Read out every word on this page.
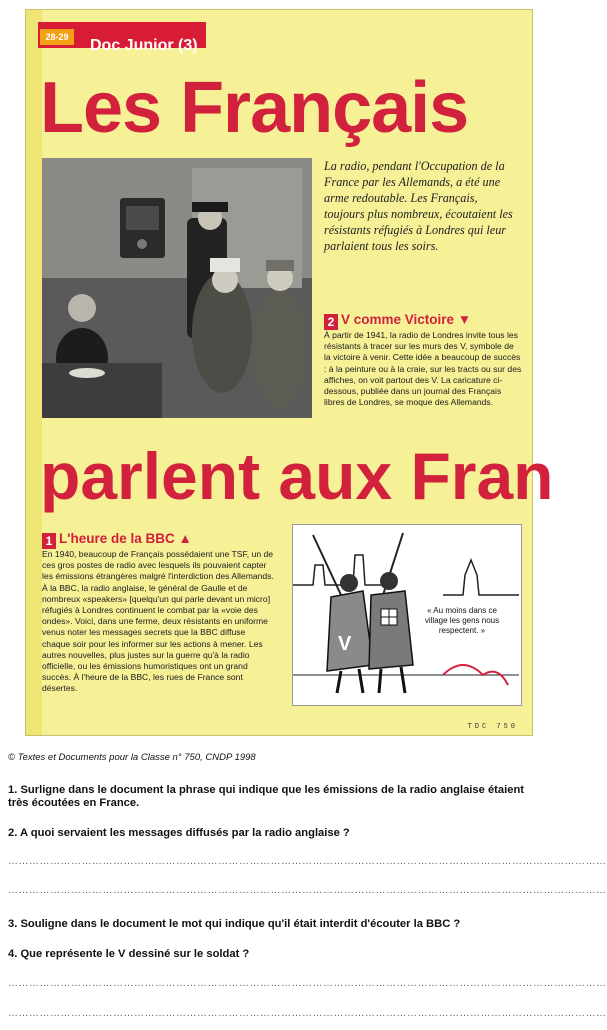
LA RÉSISTANCE
Doc Junior (3)
28-29
Les Français
La radio, pendant l'Occupation de la France par les Allemands, a été une arme redoutable. Les Français, toujours plus nombreux, écoutaient les résistants réfugiés à Londres qui leur parlaient tous les soirs.
2 V comme Victoire ▼
À partir de 1941, la radio de Londres invite tous les résistants à tracer sur les murs des V, symbole de la victoire à venir. Cette idée a beaucoup de succès : à la peinture ou à la craie, sur les tracts ou sur des affiches, on voit partout des V. La caricature ci-dessous, publiée dans un journal des Français libres de Londres, se moque des Allemands.
parlent aux Fran
1 L'heure de la BBC ▲
En 1940, beaucoup de Français possédaient une TSF, un de ces gros postes de radio avec lesquels ils pouvaient capter les émissions étrangères malgré l'interdiction des Allemands. À la BBC, la radio anglaise, le général de Gaulle et de nombreux «speakers» [quelqu'un qui parle devant un micro] réfugiés à Londres continuent le combat par la «voie des ondes». Voici, dans une ferme, deux résistants en uniforme venus noter les messages secrets que la BBC diffuse chaque soir pour les informer sur les actions à mener. Les autres nouvelles, plus justes sur la guerre qu'à la radio officielle, ou les émissions humoristiques ont un grand succès. À l'heure de la BBC, les rues de France sont désertes.
V
« Au moins dans ce village les gens nous respectent. »
TDC 750
© Textes et Documents pour la Classe n° 750, CNDP 1998
1. Surligne dans le document la phrase qui indique que les émissions de la radio anglaise étaient très écoutées en France.
2. A quoi servaient les messages diffusés par la radio anglaise ?
………………………………………………………………………………………………………………………………………………………
………………………………………………………………………………………………………………………………………………………
3. Souligne dans le document le mot qui indique qu'il était interdit d'écouter la BBC ?
4. Que représente le V dessiné sur le soldat ?
………………………………………………………………………………………………………………………………………………………
………………………………………………………………………………………………………………………………………………………
